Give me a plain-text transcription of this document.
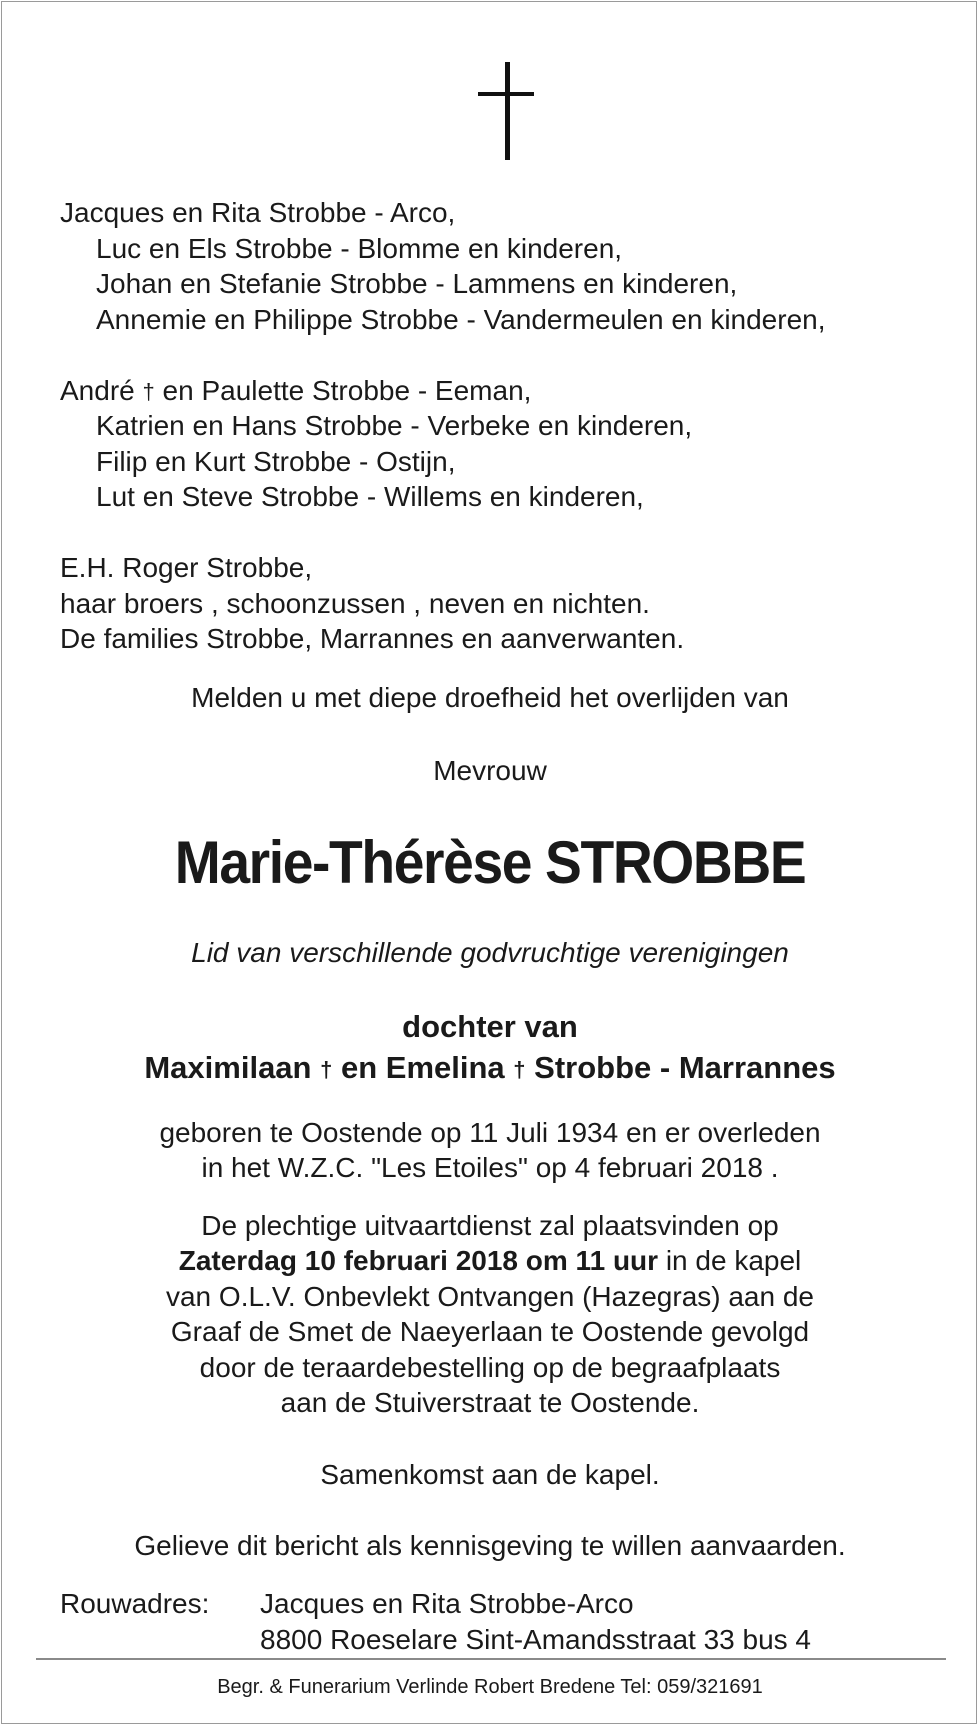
Jacques en Rita Strobbe - Arco,
Luc en Els Strobbe - Blomme en kinderen,
Johan en Stefanie Strobbe - Lammens en kinderen,
Annemie en Philippe Strobbe - Vandermeulen en kinderen,
André † en Paulette Strobbe - Eeman,
Katrien en Hans Strobbe - Verbeke en kinderen,
Filip en Kurt Strobbe - Ostijn,
Lut en Steve Strobbe - Willems en kinderen,
E.H. Roger Strobbe,
haar broers , schoonzussen , neven en nichten.
De families Strobbe, Marrannes en aanverwanten.
Melden u met diepe droefheid het overlijden van
Mevrouw
Marie-Thérèse STROBBE
Lid van verschillende godvruchtige verenigingen
dochter van
Maximilaan † en Emelina † Strobbe - Marrannes
geboren te Oostende op 11 Juli 1934 en er overleden
in het W.Z.C. "Les Etoiles" op 4 februari 2018 .
De plechtige uitvaartdienst zal plaatsvinden op
Zaterdag 10 februari 2018 om 11 uur in de kapel
van O.L.V. Onbevlekt Ontvangen (Hazegras) aan de
Graaf de Smet de Naeyerlaan te Oostende gevolgd
door de teraardebestelling op de begraafplaats
aan de Stuiverstraat te Oostende.
Samenkomst aan de kapel.
Gelieve dit bericht als kennisgeving te willen aanvaarden.
Rouwadres: Jacques en Rita Strobbe-Arco
8800 Roeselare Sint-Amandsstraat 33 bus 4
Begr. & Funerarium Verlinde Robert Bredene Tel: 059/321691
